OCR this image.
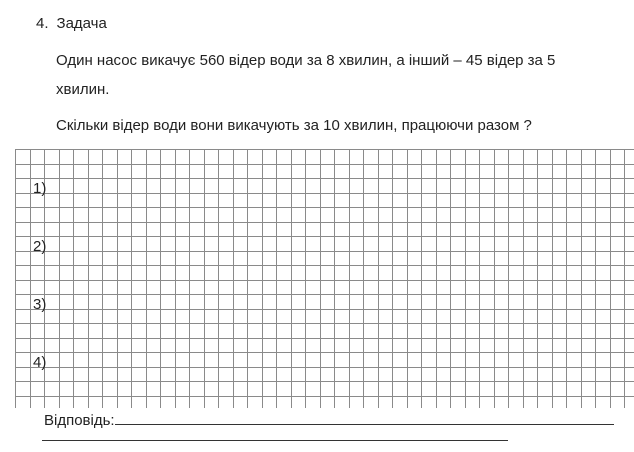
4. Задача
Один насос викачує 560 відер води за 8 хвилин, а інший – 45 відер за 5
хвилин.
Скільки відер води вони викачують за 10 хвилин, працюючи разом ?
1)
2)
3)
4)
Відповідь:
